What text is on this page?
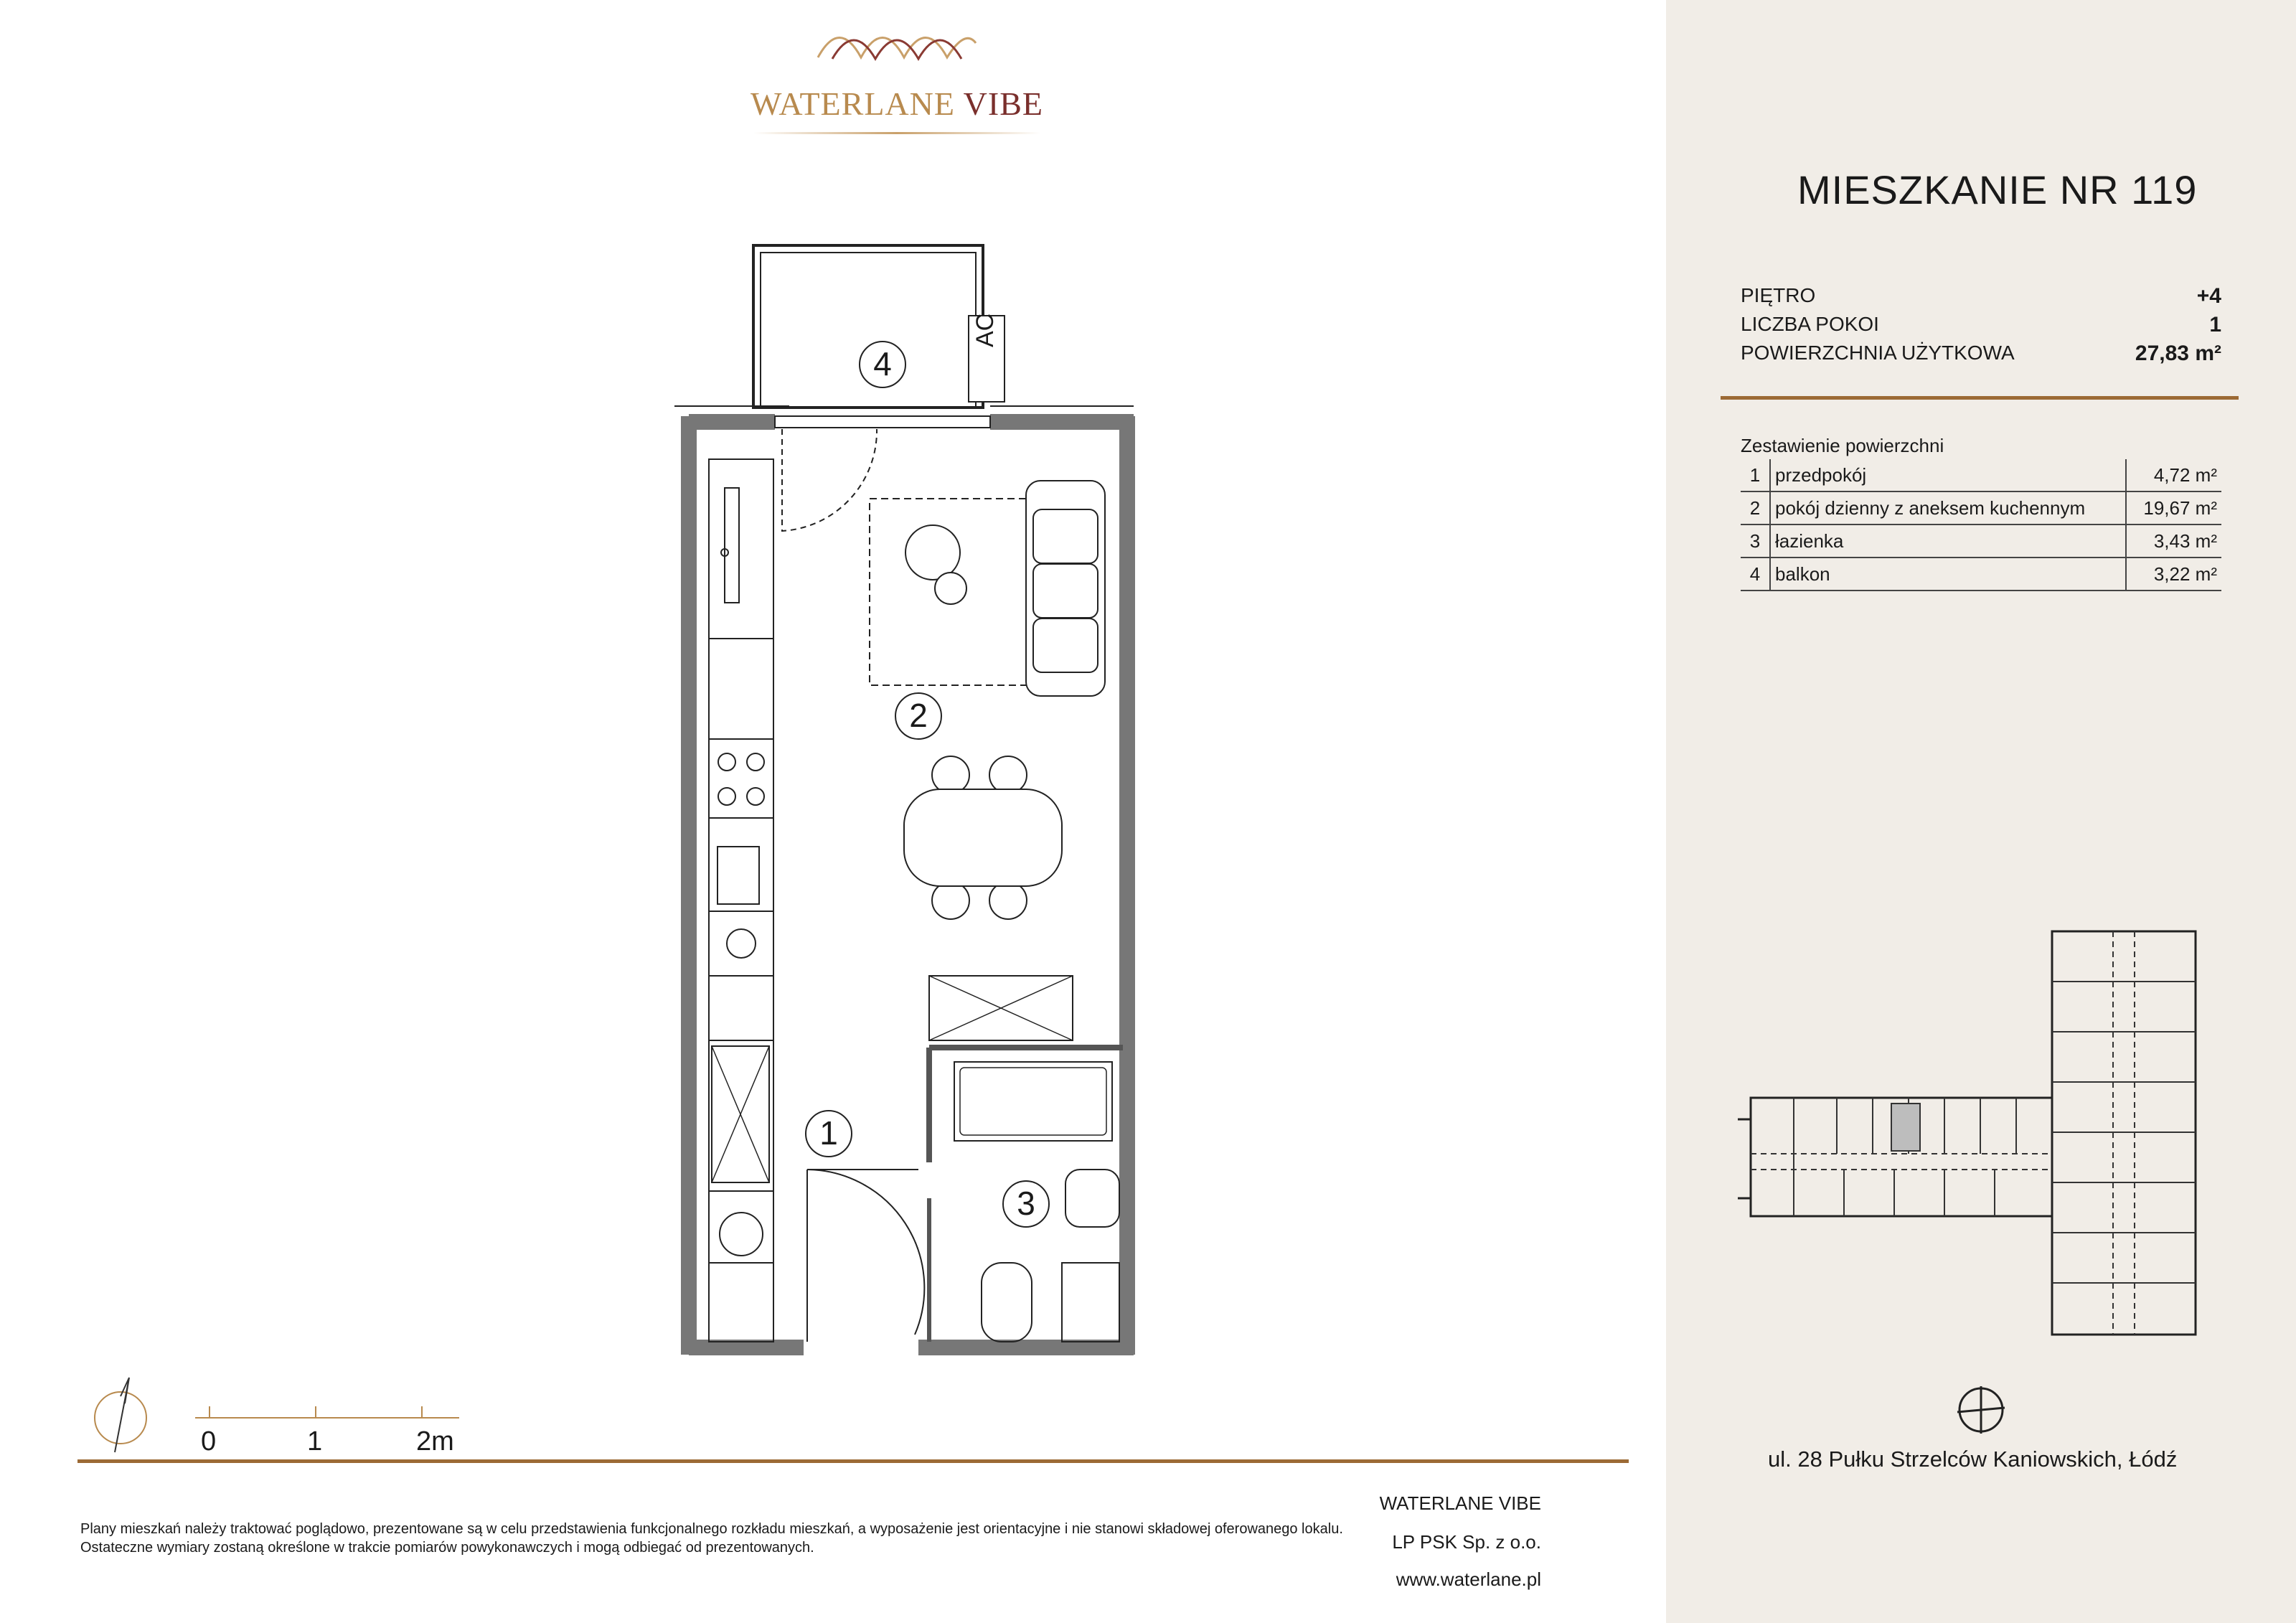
WATERLANE VIBE
4
2
1
3
AC
0	1	2m
Plany mieszkań należy traktować poglądowo, prezentowane są w celu przedstawienia funkcjonalnego rozkładu mieszkań, a wyposażenie jest orientacyjne i nie stanowi składowej oferowanego lokalu.
Ostateczne wymiary zostaną określone w trakcie pomiarów powykonawczych i mogą odbiegać od prezentowanych.
WATERLANE VIBE
LP PSK Sp. z o.o.
www.waterlane.pl
MIESZKANIE NR 119
PIĘTRO	+4
LICZBA POKOI	1
POWIERZCHNIA UŻYTKOWA	27,83 m²
Zestawienie powierzchni
1	przedpokój	4,72 m²
2	pokój dzienny z aneksem kuchennym	19,67 m²
3	łazienka	3,43 m²
4	balkon	3,22 m²
ul. 28 Pułku Strzelców Kaniowskich, Łódź
